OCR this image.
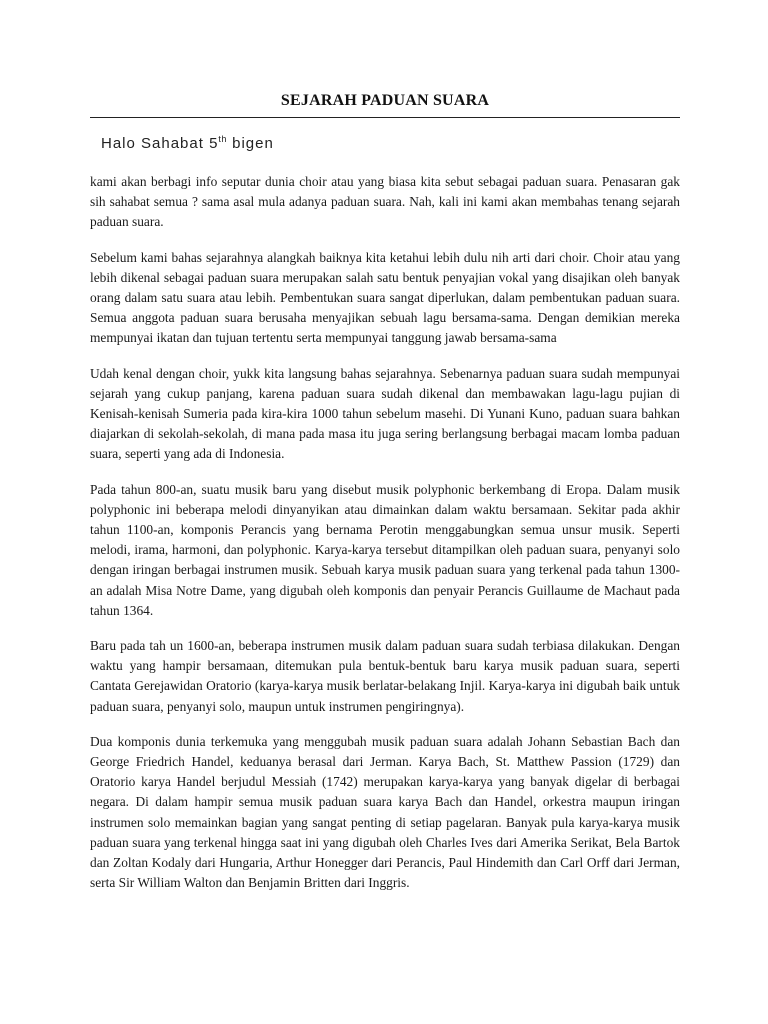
SEJARAH PADUAN SUARA

Halo Sahabat 5th bigen

kami akan berbagi info seputar dunia choir atau yang biasa kita sebut sebagai paduan suara. Penasaran gak sih sahabat semua ? sama asal mula adanya paduan suara. Nah, kali ini kami akan membahas tenang sejarah paduan suara.

Sebelum kami bahas sejarahnya alangkah baiknya kita ketahui lebih dulu nih arti dari choir. Choir atau yang lebih dikenal sebagai paduan suara merupakan salah satu bentuk penyajian vokal yang disajikan oleh banyak orang dalam satu suara atau lebih. Pembentukan suara sangat diperlukan, dalam pembentukan paduan suara. Semua anggota paduan suara berusaha menyajikan sebuah lagu bersama-sama. Dengan demikian mereka mempunyai ikatan dan tujuan tertentu serta mempunyai tanggung jawab bersama-sama

Udah kenal dengan choir, yukk kita langsung bahas sejarahnya. Sebenarnya paduan suara sudah mempunyai sejarah yang cukup panjang, karena paduan suara sudah dikenal dan membawakan lagu-lagu pujian di Kenisah-kenisah Sumeria pada kira-kira 1000 tahun sebelum masehi. Di Yunani Kuno, paduan suara bahkan diajarkan di sekolah-sekolah, di mana pada masa itu juga sering berlangsung berbagai macam lomba paduan suara, seperti yang ada di Indonesia.

Pada tahun 800-an, suatu musik baru yang disebut musik polyphonic berkembang di Eropa. Dalam musik polyphonic ini beberapa melodi dinyanyikan atau dimainkan dalam waktu bersamaan. Sekitar pada akhir tahun 1100-an, komponis Perancis yang bernama Perotin menggabungkan semua unsur musik. Seperti melodi, irama, harmoni, dan polyphonic. Karya-karya tersebut ditampilkan oleh paduan suara, penyanyi solo dengan iringan berbagai instrumen musik. Sebuah karya musik paduan suara yang terkenal pada tahun 1300-an adalah Misa Notre Dame, yang digubah oleh komponis dan penyair Perancis Guillaume de Machaut pada tahun 1364.

Baru pada tah un 1600-an, beberapa instrumen musik dalam paduan suara sudah terbiasa dilakukan. Dengan waktu yang hampir bersamaan, ditemukan pula bentuk-bentuk baru karya musik paduan suara, seperti Cantata Gerejawidan Oratorio (karya-karya musik berlatar-belakang Injil. Karya-karya ini digubah baik untuk paduan suara, penyanyi solo, maupun untuk instrumen pengiringnya).

Dua komponis dunia terkemuka yang menggubah musik paduan suara adalah Johann Sebastian Bach dan George Friedrich Handel, keduanya berasal dari Jerman. Karya Bach, St. Matthew Passion (1729) dan Oratorio karya Handel berjudul Messiah (1742) merupakan karya-karya yang banyak digelar di berbagai negara. Di dalam hampir semua musik paduan suara karya Bach dan Handel, orkestra maupun iringan instrumen solo memainkan bagian yang sangat penting di setiap pagelaran. Banyak pula karya-karya musik paduan suara yang terkenal hingga saat ini yang digubah oleh Charles Ives dari Amerika Serikat, Bela Bartok dan Zoltan Kodaly dari Hungaria, Arthur Honegger dari Perancis, Paul Hindemith dan Carl Orff dari Jerman, serta Sir William Walton dan Benjamin Britten dari Inggris.
